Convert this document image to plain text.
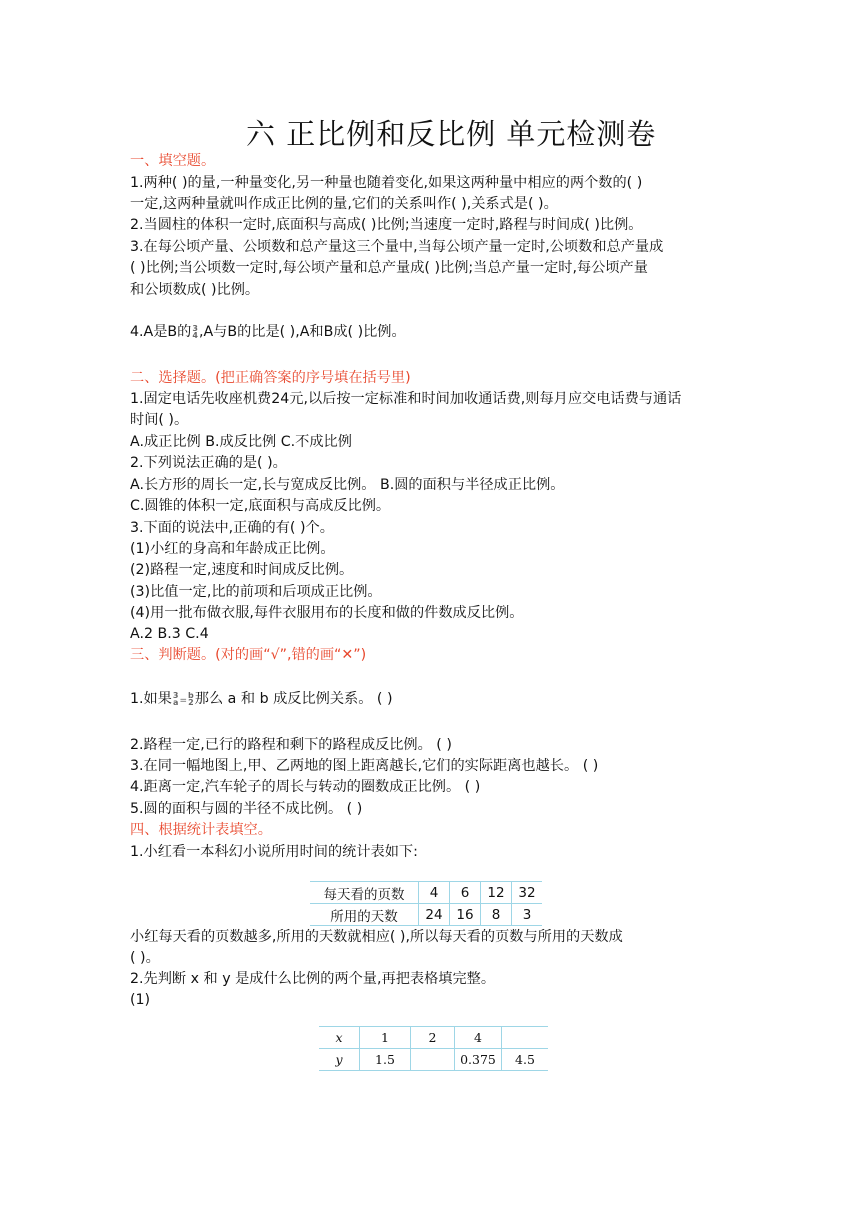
六 正比例和反比例 单元检测卷
一、填空题。
1.两种( )的量,一种量变化,另一种量也随着变化,如果这两种量中相应的两个数的( )
一定,这两种量就叫作成正比例的量,它们的关系叫作( ),关系式是( )。
2.当圆柱的体积一定时,底面积与高成( )比例;当速度一定时,路程与时间成( )比例。
3.在每公顷产量、公顷数和总产量这三个量中,当每公顷产量一定时,公顷数和总产量成
( )比例;当公顷数一定时,每公顷产量和总产量成( )比例;当总产量一定时,每公顷产量
和公顷数成( )比例。
4.A是B的 3
4 ,A与B的比是( ),A和B成( )比例。
二、选择题。(把正确答案的序号填在括号里)
1.固定电话先收座机费24元,以后按一定标准和时间加收通话费,则每月应交电话费与通话
时间( )。
A.成正比例 B.成反比例 C.不成比例
2.下列说法正确的是( )。
A.长方形的周长一定,长与宽成反比例。 B.圆的面积与半径成正比例。
C.圆锥的体积一定,底面积与高成反比例。
3.下面的说法中,正确的有( )个。
(1)小红的身高和年龄成正比例。
(2)路程一定,速度和时间成反比例。
(3)比值一定,比的前项和后项成正比例。
(4)用一批布做衣服,每件衣服用布的长度和做的件数成反比例。
A.2 B.3 C.4
三、判断题。(对的画“√”,错的画“✕”)
1.如果 3
a =
b
2 那么 a 和 b 成反比例关系。 ( )
2.路程一定,已行的路程和剩下的路程成反比例。 ( )
3.在同一幅地图上,甲、乙两地的图上距离越长,它们的实际距离也越长。 ( )
4.距离一定,汽车轮子的周长与转动的圈数成正比例。 ( )
5.圆的面积与圆的半径不成比例。 ( )
四、根据统计表填空。
1.小红看一本科幻小说所用时间的统计表如下:
每天看的页数	4	6	12	32
所用的天数	24	16	8	3
小红每天看的页数越多,所用的天数就相应( ),所以每天看的页数与所用的天数成
( )。
2.先判断 x 和 y 是成什么比例的两个量,再把表格填完整。
(1)
x	1	2	4	
y	1.5		0.375	4.5
